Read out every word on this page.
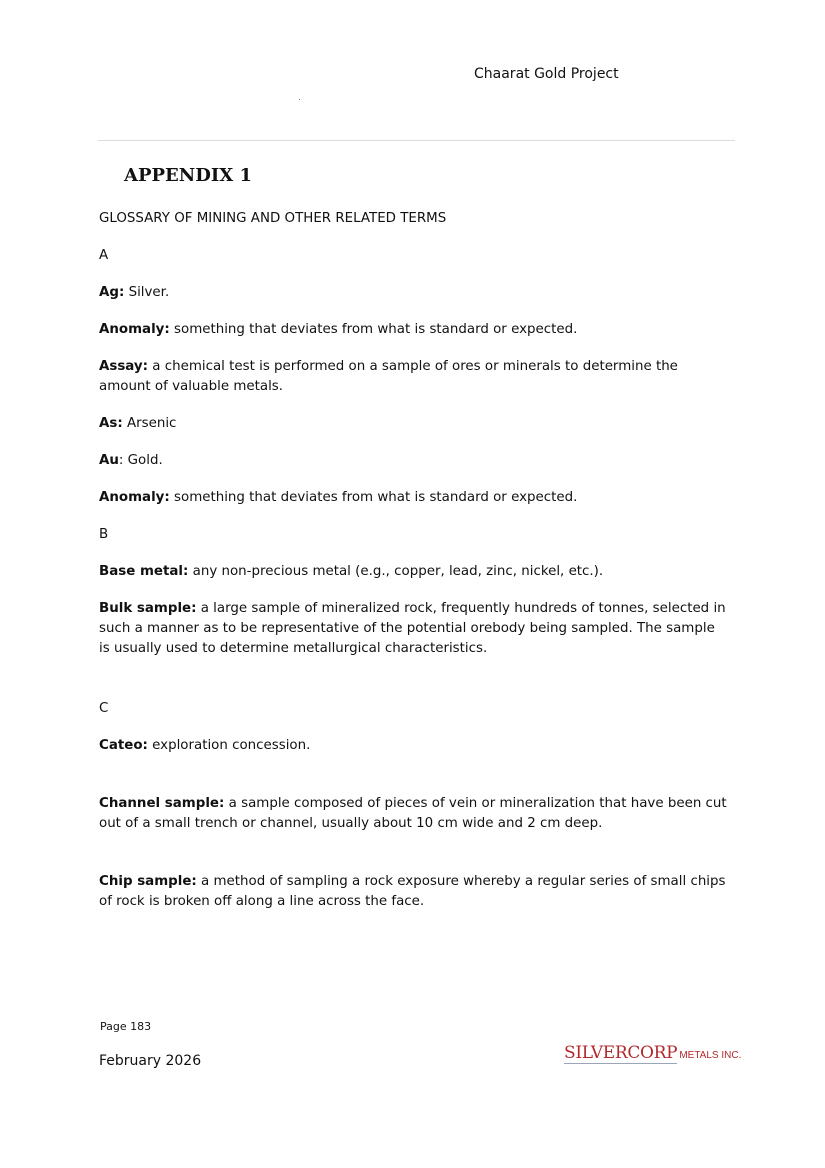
Chaarat Gold Project
APPENDIX 1

GLOSSARY OF MINING AND OTHER RELATED TERMS

A

Ag: Silver.

Anomaly: something that deviates from what is standard or expected.

Assay: a chemical test is performed on a sample of ores or minerals to determine the amount of valuable metals.

As: Arsenic

Au: Gold.

Anomaly: something that deviates from what is standard or expected.

B

Base metal: any non-precious metal (e.g., copper, lead, zinc, nickel, etc.).

Bulk sample: a large sample of mineralized rock, frequently hundreds of tonnes, selected in such a manner as to be representative of the potential orebody being sampled. The sample is usually used to determine metallurgical characteristics.

C

Cateo: exploration concession.

Channel sample: a sample composed of pieces of vein or mineralization that have been cut out of a small trench or channel, usually about 10 cm wide and 2 cm deep.

Chip sample: a method of sampling a rock exposure whereby a regular series of small chips of rock is broken off along a line across the face.

Page 183
February 2026	SILVERCORP METALS INC.
